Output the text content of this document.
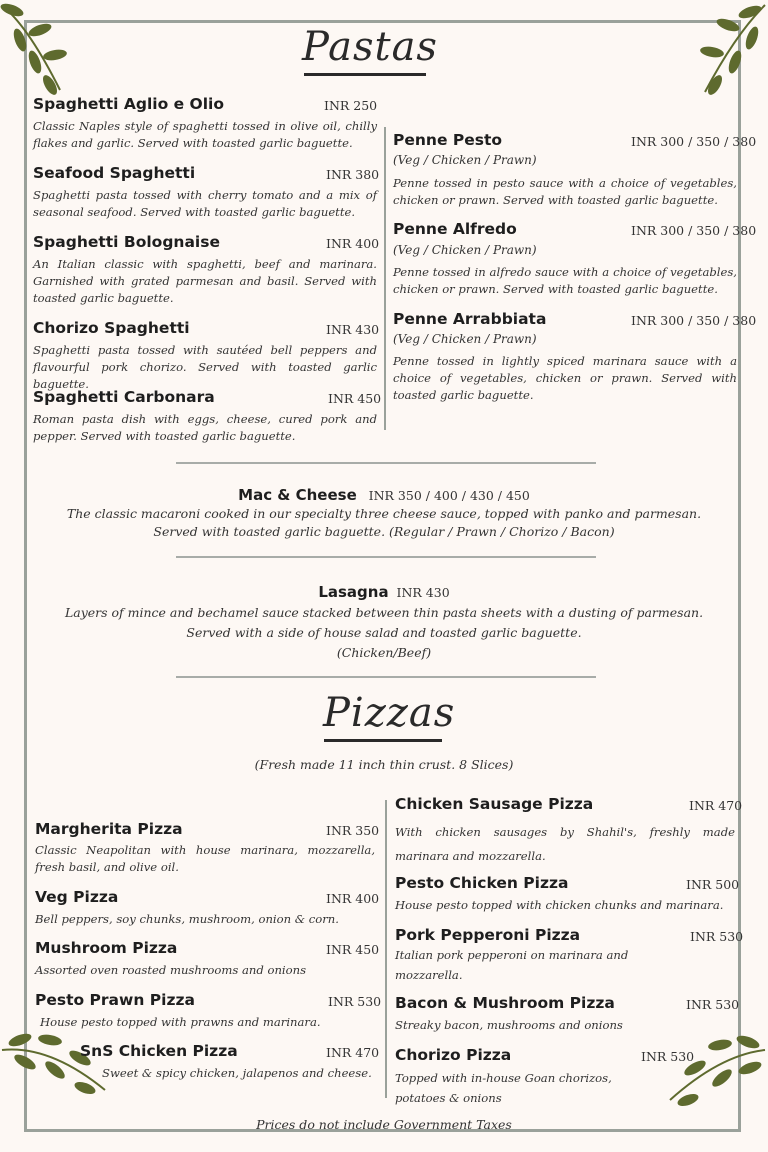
Pastas
Spaghetti Aglio e Olio	INR 250
Classic Naples style of spaghetti tossed in olive oil, chilly flakes and garlic. Served with toasted garlic baguette.
Seafood Spaghetti	INR 380
Spaghetti pasta tossed with cherry tomato and a mix of seasonal seafood. Served with toasted garlic baguette.
Spaghetti Bolognaise	INR 400
An Italian classic with spaghetti, beef and marinara. Garnished with grated parmesan and basil. Served with toasted garlic baguette.
Chorizo Spaghetti	INR 430
Spaghetti pasta tossed with sautéed bell peppers and flavourful pork chorizo. Served with toasted garlic baguette.
Spaghetti Carbonara	INR 450
Roman pasta dish with eggs, cheese, cured pork and pepper. Served with toasted garlic baguette.
Penne Pesto	INR 300 / 350 / 380
(Veg / Chicken / Prawn)
Penne tossed in pesto sauce with a choice of vegetables, chicken or prawn. Served with toasted garlic baguette.
Penne Alfredo	INR 300 / 350 / 380
(Veg / Chicken / Prawn)
Penne tossed in alfredo sauce with a choice of vegetables, chicken or prawn. Served with toasted garlic baguette.
Penne Arrabbiata	INR 300 / 350 / 380
(Veg / Chicken / Prawn)
Penne tossed in lightly spiced marinara sauce with a choice of vegetables, chicken or prawn. Served with toasted garlic baguette.
Mac & Cheese INR 350 / 400 / 430 / 450
The classic macaroni cooked in our specialty three cheese sauce, topped with panko and parmesan.
Served with toasted garlic baguette. (Regular / Prawn / Chorizo / Bacon)
Lasagna INR 430
Layers of mince and bechamel sauce stacked between thin pasta sheets with a dusting of parmesan.
Served with a side of house salad and toasted garlic baguette.
(Chicken/Beef)
Pizzas
(Fresh made 11 inch thin crust. 8 Slices)
Margherita Pizza	INR 350
Classic Neapolitan with house marinara, mozzarella, fresh basil, and olive oil.
Veg Pizza	INR 400
Bell peppers, soy chunks, mushroom, onion & corn.
Mushroom Pizza	INR 450
Assorted oven roasted mushrooms and onions
Pesto Prawn Pizza	INR 530
House pesto topped with prawns and marinara.
SnS Chicken Pizza	INR 470
Sweet & spicy chicken, jalapenos and cheese.
Chicken Sausage Pizza	INR 470
With chicken sausages by Shahil's, freshly made marinara and mozzarella.
Pesto Chicken Pizza	INR 500
House pesto topped with chicken chunks and marinara.
Pork Pepperoni Pizza	INR 530
Italian pork pepperoni on marinara and mozzarella.
Bacon & Mushroom Pizza	INR 530
Streaky bacon, mushrooms and onions
Chorizo Pizza	INR 530
Topped with in-house Goan chorizos, potatoes & onions
Prices do not include Government Taxes
